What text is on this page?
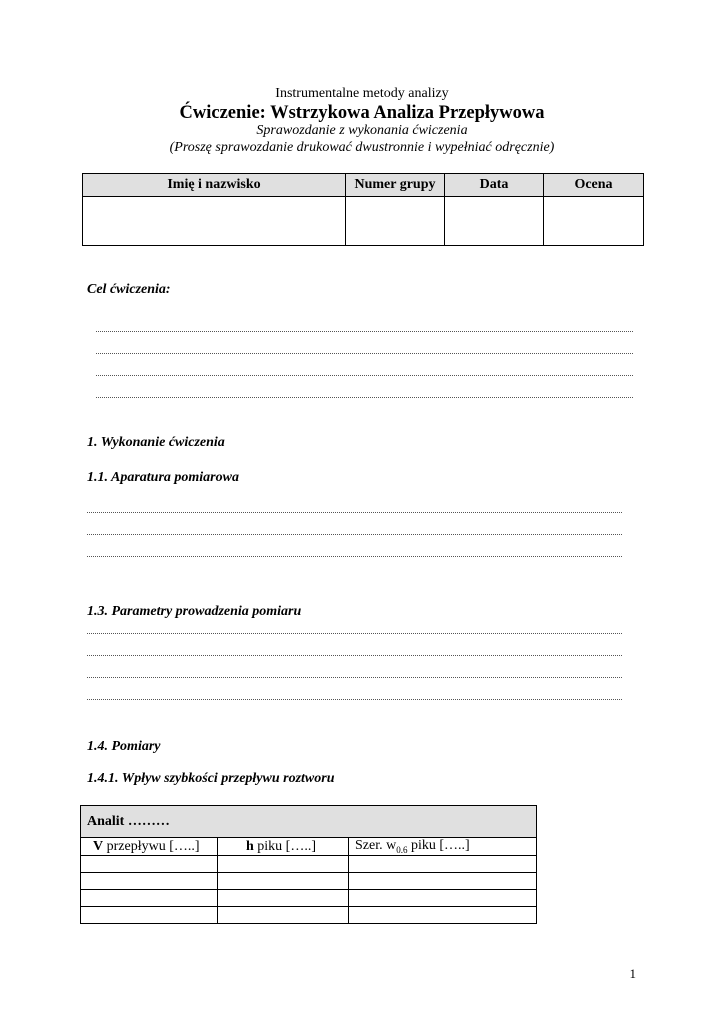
Instrumentalne metody analizy
Ćwiczenie: Wstrzykowa Analiza Przepływowa
Sprawozdanie z wykonania ćwiczenia
(Proszę sprawozdanie drukować dwustronnie i wypełniać odręcznie)
Imię i nazwisko	Numer grupy	Data	Ocena

Cel ćwiczenia:
1. Wykonanie ćwiczenia
1.1. Aparatura pomiarowa
1.3. Parametry prowadzenia pomiaru
1.4. Pomiary
1.4.1. Wpływ szybkości przepływu roztworu
Analit ………		
V przepływu […..]	h piku […..]	Szer. $w_{0.6}$ piku […..]

1
